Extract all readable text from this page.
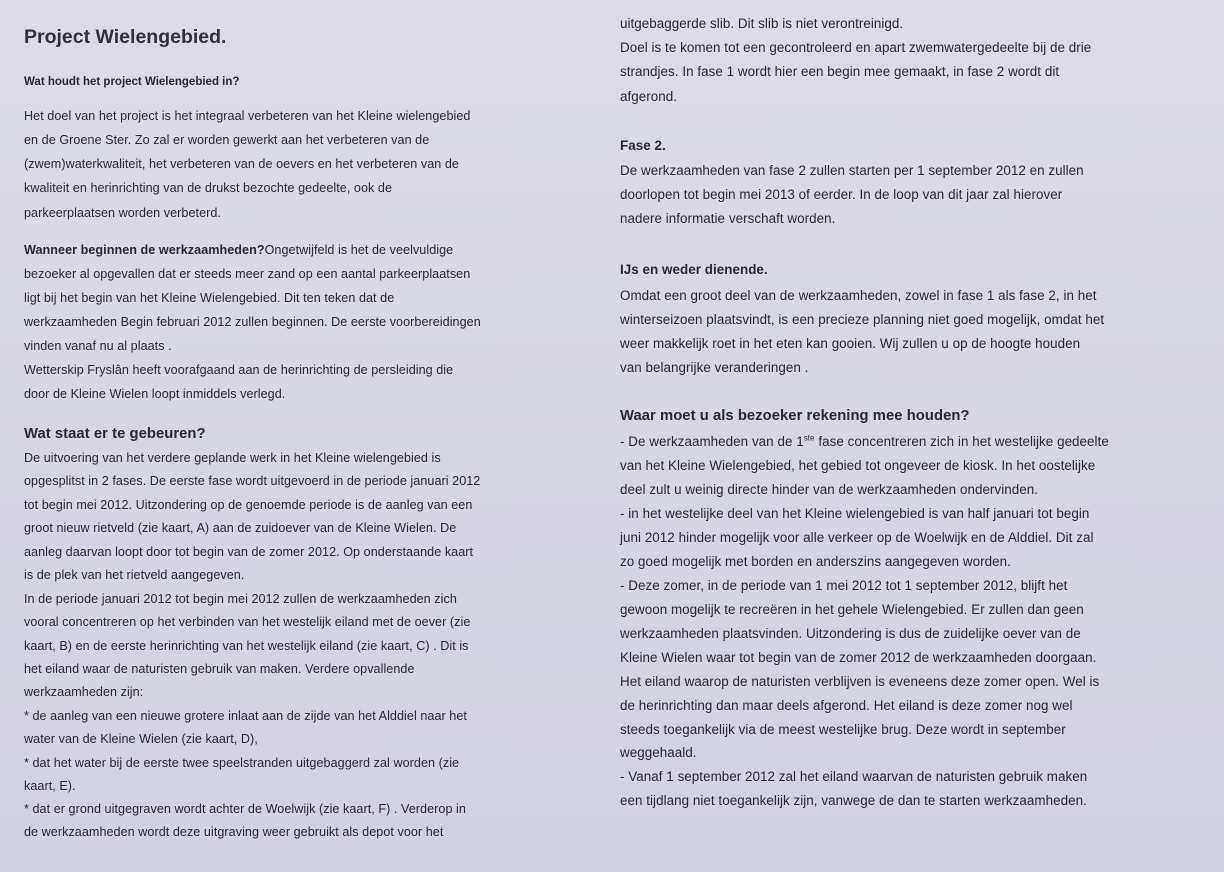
Project Wielengebied.
Wat houdt het project Wielengebied in?
Het doel van het project is het integraal verbeteren van het Kleine wielengebied
en de Groene Ster. Zo zal er worden gewerkt aan het verbeteren van de
(zwem)waterkwaliteit, het verbeteren van de oevers en het verbeteren van de
kwaliteit en herinrichting van de drukst bezochte gedeelte, ook de
parkeerplaatsen worden verbeterd.
Wanneer beginnen de werkzaamheden?Ongetwijfeld is het de veelvuldige
bezoeker al opgevallen dat er steeds meer zand op een aantal parkeerplaatsen
ligt bij het begin van het Kleine Wielengebied. Dit ten teken dat de
werkzaamheden Begin februari 2012 zullen beginnen. De eerste voorbereidingen
vinden vanaf nu al plaats .
Wetterskip Fryslân heeft voorafgaand aan de herinrichting de persleiding die
door de Kleine Wielen loopt inmiddels verlegd.
Wat staat er te gebeuren?
De uitvoering van het verdere geplande werk in het Kleine wielengebied is
opgesplitst in 2 fases. De eerste fase wordt uitgevoerd in de periode januari 2012
tot begin mei 2012. Uitzondering op de genoemde periode is de aanleg van een
groot nieuw rietveld (zie kaart, A) aan de zuidoever van de Kleine Wielen. De
aanleg daarvan loopt door tot begin van de zomer 2012. Op onderstaande kaart
is de plek van het rietveld aangegeven.
In de periode januari 2012 tot begin mei 2012 zullen de werkzaamheden zich
vooral concentreren op het verbinden van het westelijk eiland met de oever (zie
kaart, B) en de eerste herinrichting van het westelijk eiland (zie kaart, C) . Dit is
het eiland waar de naturisten gebruik van maken. Verdere opvallende
werkzaamheden zijn:
* de aanleg van een nieuwe grotere inlaat aan de zijde van het Alddiel naar het
water van de Kleine Wielen (zie kaart, D),
* dat het water bij de eerste twee speelstranden uitgebaggerd zal worden (zie
kaart, E).
* dat er grond uitgegraven wordt achter de Woelwijk (zie kaart, F) . Verderop in
de werkzaamheden wordt deze uitgraving weer gebruikt als depot voor het
uitgebaggerde slib. Dit slib is niet verontreinigd.
Doel is te komen tot een gecontroleerd en apart zwemwatergedeelte bij de drie
strandjes. In fase 1 wordt hier een begin mee gemaakt, in fase 2 wordt dit
afgerond.
Fase 2.
De werkzaamheden van fase 2 zullen starten per 1 september 2012 en zullen
doorlopen tot begin mei 2013 of eerder. In de loop van dit jaar zal hierover
nadere informatie verschaft worden.
IJs en weder dienende.
Omdat een groot deel van de werkzaamheden, zowel in fase 1 als fase 2, in het
winterseizoen plaatsvindt, is een precieze planning niet goed mogelijk, omdat het
weer makkelijk roet in het eten kan gooien. Wij zullen u op de hoogte houden
van belangrijke veranderingen .
Waar moet u als bezoeker rekening mee houden?
- De werkzaamheden van de 1ste fase concentreren zich in het westelijke gedeelte
van het Kleine Wielengebied, het gebied tot ongeveer de kiosk. In het oostelijke
deel zult u weinig directe hinder van de werkzaamheden ondervinden.
- in het westelijke deel van het Kleine wielengebied is van half januari tot begin
juni 2012 hinder mogelijk voor alle verkeer op de Woelwijk en de Alddiel. Dit zal
zo goed mogelijk met borden en anderszins aangegeven worden.
- Deze zomer, in de periode van 1 mei 2012 tot 1 september 2012, blijft het
gewoon mogelijk te recreëren in het gehele Wielengebied. Er zullen dan geen
werkzaamheden plaatsvinden. Uitzondering is dus de zuidelijke oever van de
Kleine Wielen waar tot begin van de zomer 2012 de werkzaamheden doorgaan.
Het eiland waarop de naturisten verblijven is eveneens deze zomer open. Wel is
de herinrichting dan maar deels afgerond. Het eiland is deze zomer nog wel
steeds toegankelijk via de meest westelijke brug. Deze wordt in september
weggehaald.
- Vanaf 1 september 2012 zal het eiland waarvan de naturisten gebruik maken
een tijdlang niet toegankelijk zijn, vanwege de dan te starten werkzaamheden.
